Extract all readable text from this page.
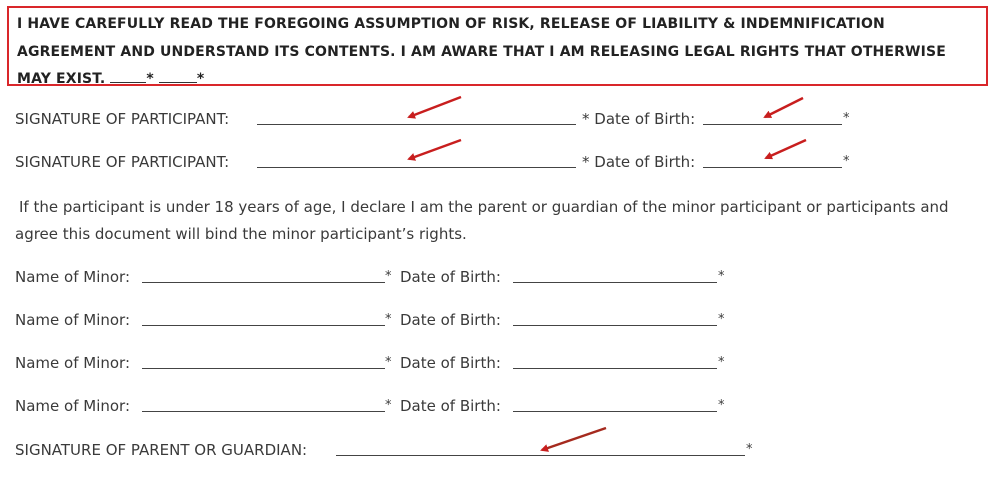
I HAVE CAREFULLY READ THE FOREGOING ASSUMPTION OF RISK, RELEASE OF LIABILITY & INDEMNIFICATION AGREEMENT AND UNDERSTAND ITS CONTENTS. I AM AWARE THAT I AM RELEASING LEGAL RIGHTS THAT OTHERWISE MAY EXIST.	*	*
SIGNATURE OF PARTICIPANT:	* Date of Birth:	*
SIGNATURE OF PARTICIPANT:	* Date of Birth:	*
If the participant is under 18 years of age, I declare I am the parent or guardian of the minor participant or participants and agree this document will bind the minor participant’s rights.
Name of Minor:	* Date of Birth:	*
Name of Minor:	* Date of Birth:	*
Name of Minor:	* Date of Birth:	*
Name of Minor:	* Date of Birth:	*
SIGNATURE OF PARENT OR GUARDIAN:	*
